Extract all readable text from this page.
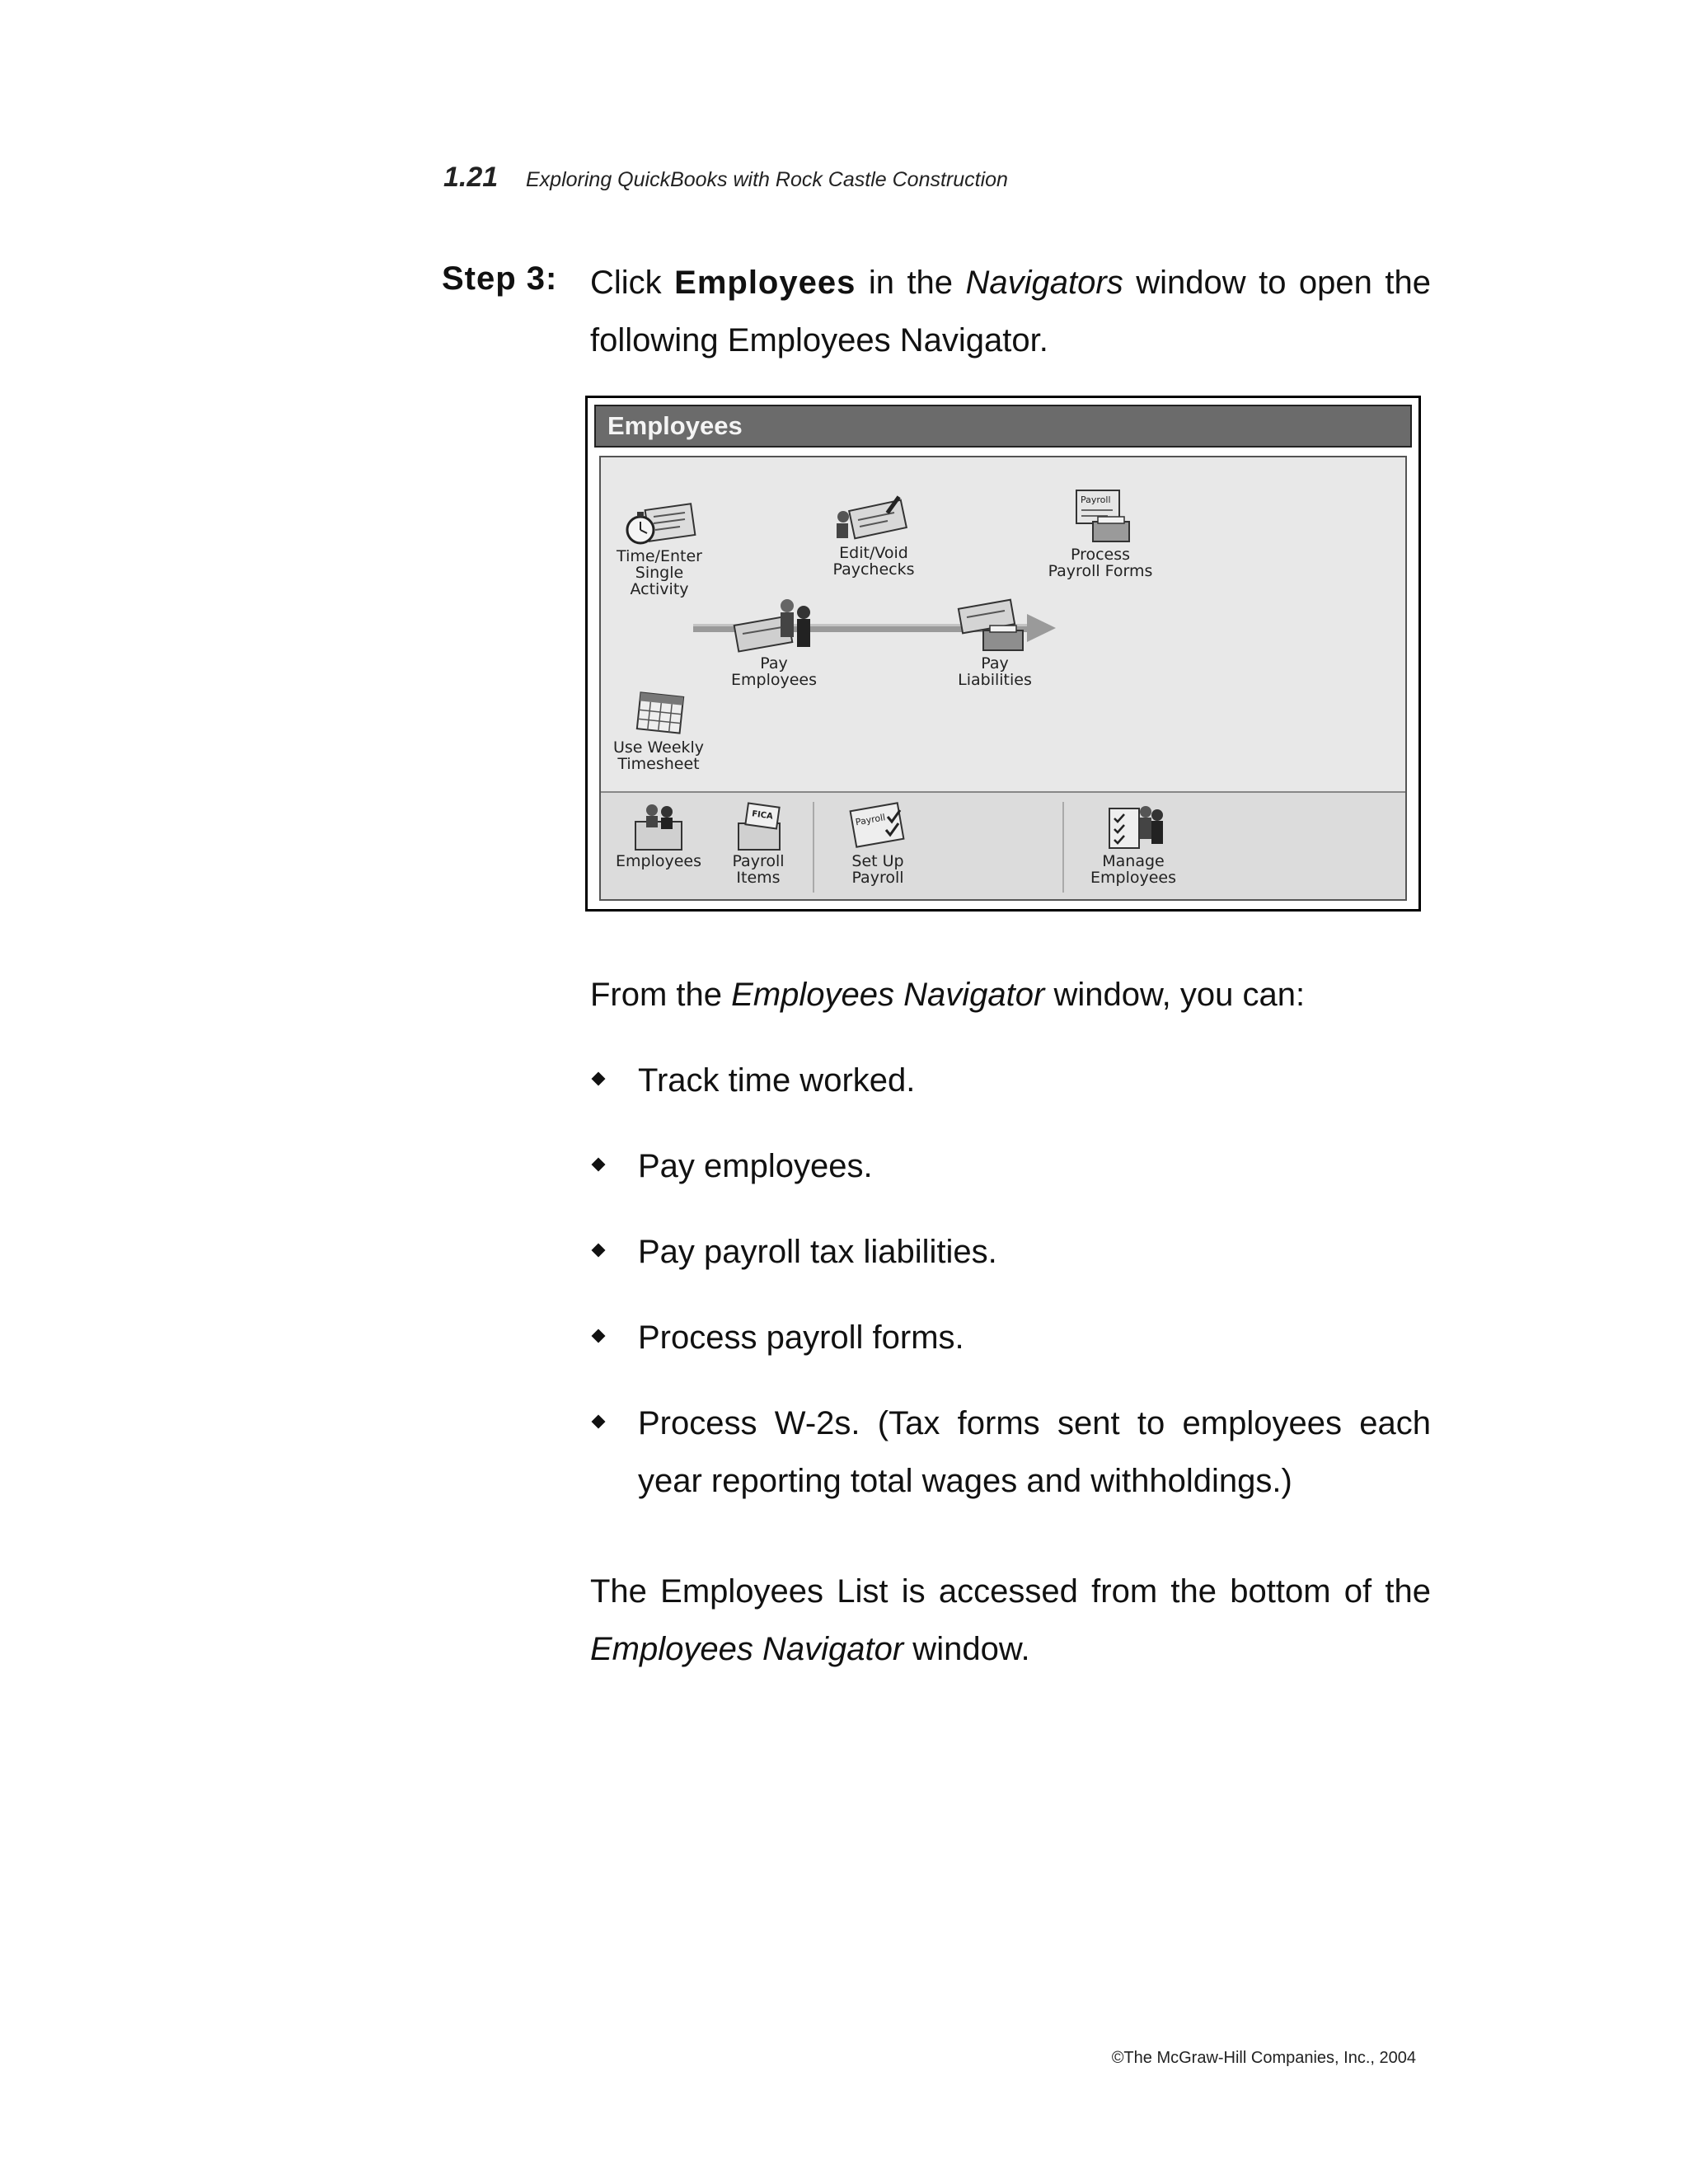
1.21 Exploring QuickBooks with Rock Castle Construction
Step 3: Click Employees in the Navigators window to open the following Employees Navigator.
Employees
Time/Enter
Single Activity
Edit/Void
Paychecks
Payroll
Process
Payroll Forms
Pay
Employees
Pay
Liabilities
Use Weekly
Timesheet
Employees
FICA
Payroll
Items
Payroll
Set Up
Payroll
Manage
Employees
From the Employees Navigator window, you can:
Track time worked.
Pay employees.
Pay payroll tax liabilities.
Process payroll forms.
Process W-2s. (Tax forms sent to employees each year reporting total wages and withholdings.)
The Employees List is accessed from the bottom of the Employees Navigator window.
©The McGraw-Hill Companies, Inc., 2004
